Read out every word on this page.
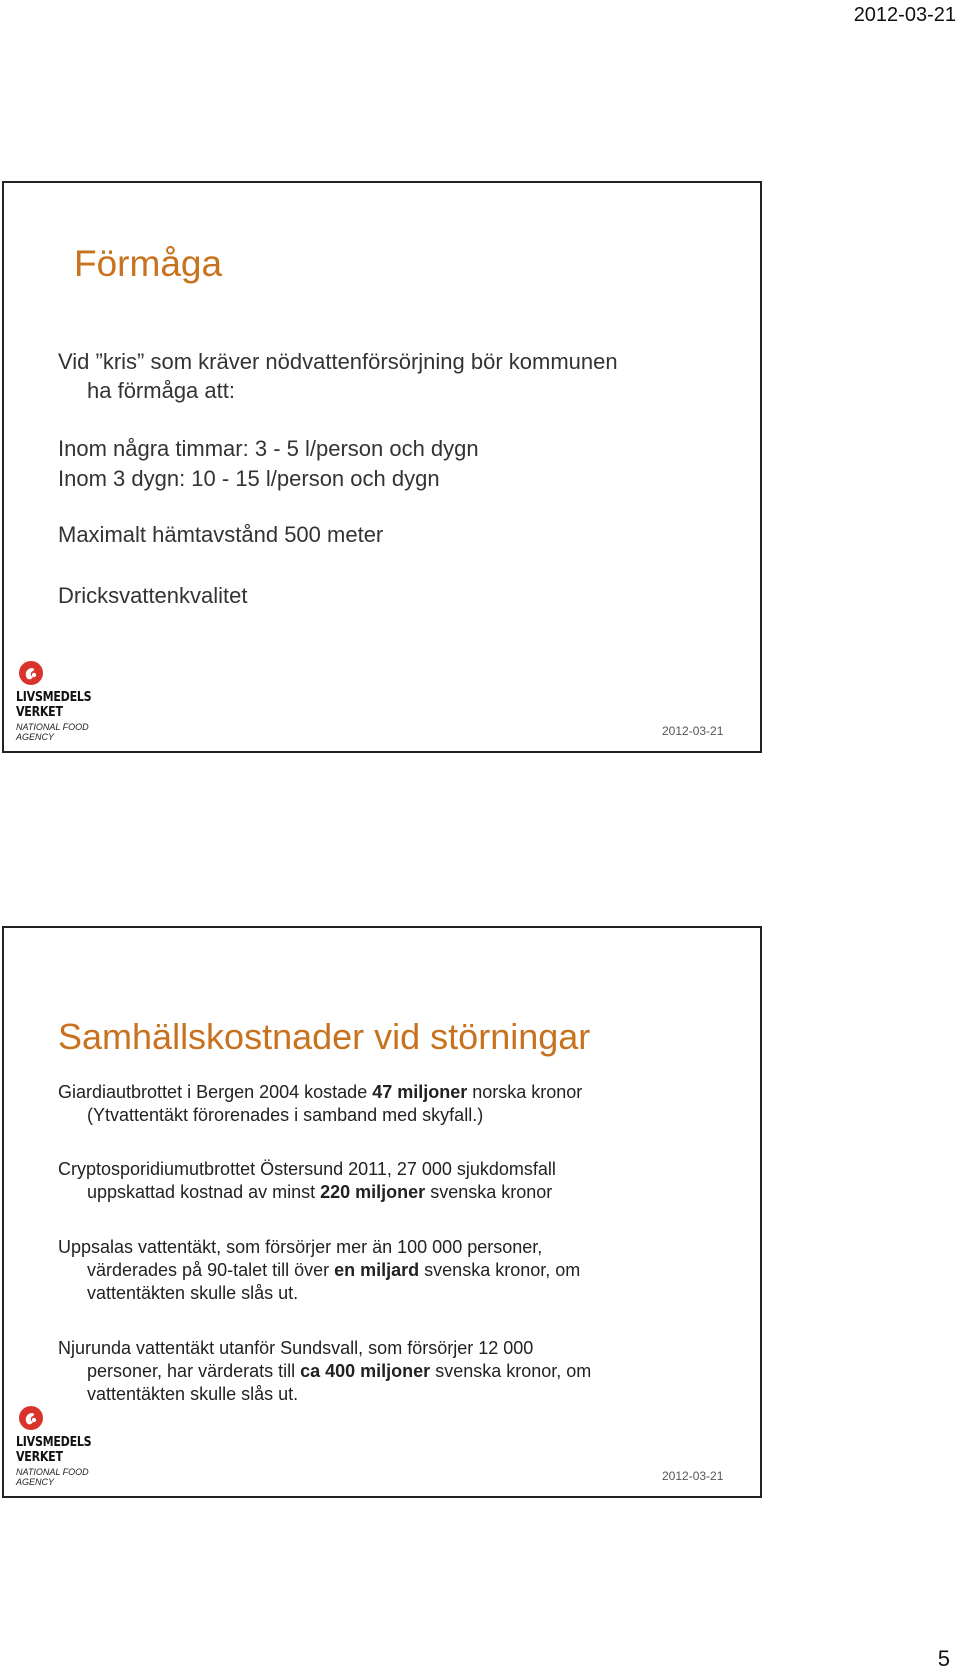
2012-03-21
Förmåga

Vid ”kris” som kräver nödvattenförsörjning bör kommunen
ha förmåga att:

Inom några timmar: 3 - 5 l/person och dygn

Inom 3 dygn: 10 - 15 l/person och dygn

Maximalt hämtavstånd 500 meter

Dricksvattenkvalitet

LIVSMEDELS
VERKET
NATIONAL FOOD
AGENCY	2012-03-21
Samhällskostnader vid störningar

Giardiautbrottet i Bergen 2004 kostade 47 miljoner norska kronor
(Ytvattentäkt förorenades i samband med skyfall.)

Cryptosporidiumutbrottet Östersund 2011, 27 000 sjukdomsfall
uppskattad kostnad av minst 220 miljoner svenska kronor

Uppsalas vattentäkt, som försörjer mer än 100 000 personer,
värderades på 90-talet till över en miljard svenska kronor, om
vattentäkten skulle slås ut.

Njurunda vattentäkt utanför Sundsvall, som försörjer 12 000
personer, har värderats till ca 400 miljoner svenska kronor, om
vattentäkten skulle slås ut.

LIVSMEDELS
VERKET
NATIONAL FOOD
AGENCY	2012-03-21
5
